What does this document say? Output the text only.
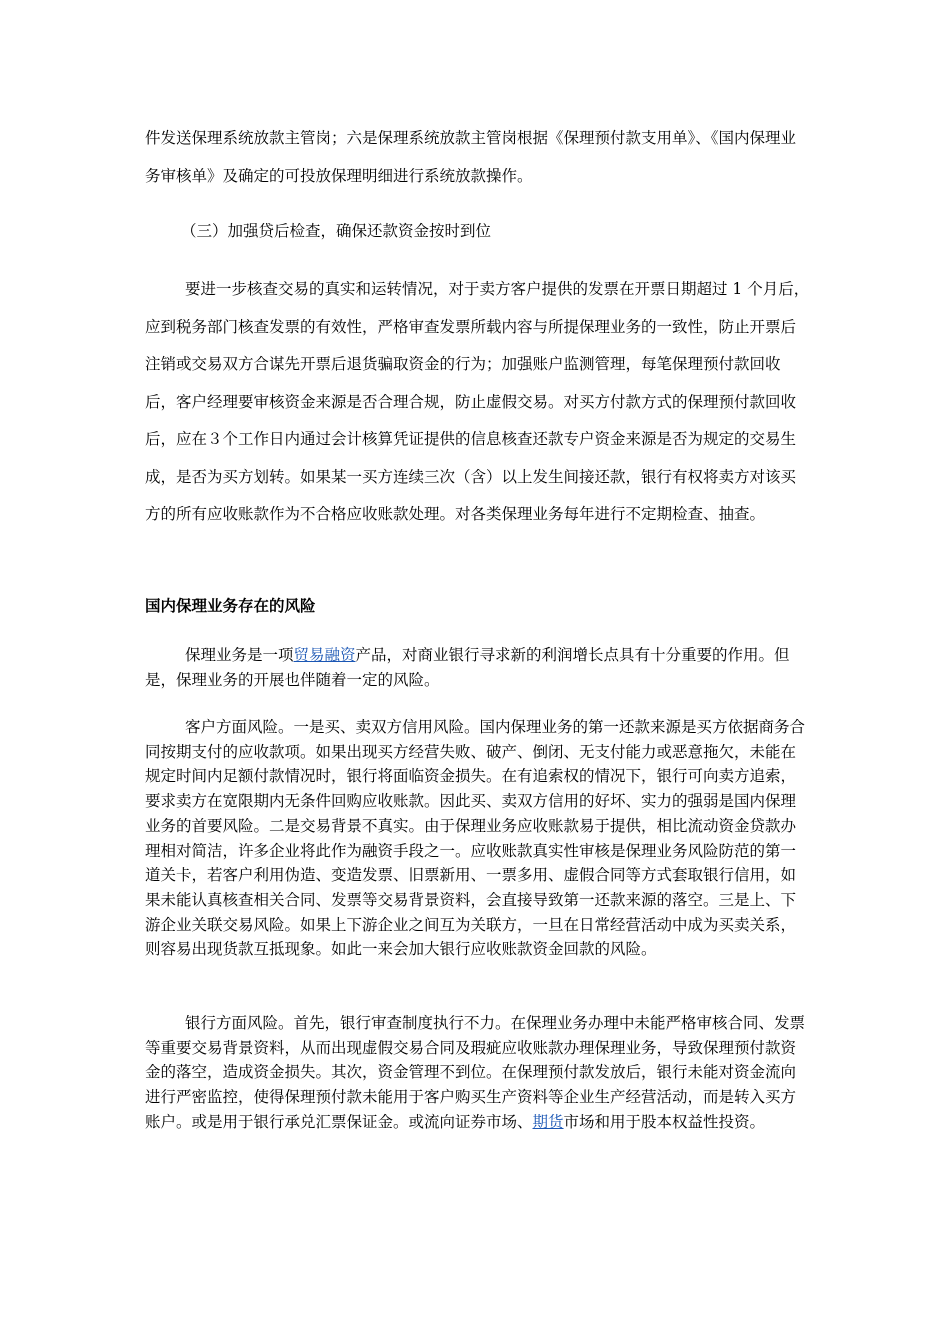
件发送保理系统放款主管岗；六是保理系统放款主管岗根据《保理预付款支用单》、《国内保理业务审核单》及确定的可投放保理明细进行系统放款操作。

（三）加强贷后检查，确保还款资金按时到位

要进一步核查交易的真实和运转情况，对于卖方客户提供的发票在开票日期超过 1 个月后，应到税务部门核查发票的有效性，严格审查发票所载内容与所提保理业务的一致性，防止开票后注销或交易双方合谋先开票后退货骗取资金的行为；加强账户监测管理，每笔保理预付款回收后，客户经理要审核资金来源是否合理合规，防止虚假交易。对买方付款方式的保理预付款回收后，应在３个工作日内通过会计核算凭证提供的信息核查还款专户资金来源是否为规定的交易生成，是否为买方划转。如果某一买方连续三次（含）以上发生间接还款，银行有权将卖方对该买方的所有应收账款作为不合格应收账款处理。对各类保理业务每年进行不定期检查、抽查。

国内保理业务存在的风险

保理业务是一项贸易融资产品，对商业银行寻求新的利润增长点具有十分重要的作用。但是，保理业务的开展也伴随着一定的风险。

客户方面风险。一是买、卖双方信用风险。国内保理业务的第一还款来源是买方依据商务合同按期支付的应收款项。如果出现买方经营失败、破产、倒闭、无支付能力或恶意拖欠，未能在规定时间内足额付款情况时，银行将面临资金损失。在有追索权的情况下，银行可向卖方追索，要求卖方在宽限期内无条件回购应收账款。因此买、卖双方信用的好坏、实力的强弱是国内保理业务的首要风险。二是交易背景不真实。由于保理业务应收账款易于提供，相比流动资金贷款办理相对简洁，许多企业将此作为融资手段之一。应收账款真实性审核是保理业务风险防范的第一道关卡，若客户利用伪造、变造发票、旧票新用、一票多用、虚假合同等方式套取银行信用，如果未能认真核查相关合同、发票等交易背景资料，会直接导致第一还款来源的落空。三是上、下游企业关联交易风险。如果上下游企业之间互为关联方，一旦在日常经营活动中成为买卖关系，则容易出现货款互抵现象。如此一来会加大银行应收账款资金回款的风险。

银行方面风险。首先，银行审查制度执行不力。在保理业务办理中未能严格审核合同、发票等重要交易背景资料，从而出现虚假交易合同及瑕疵应收账款办理保理业务，导致保理预付款资金的落空，造成资金损失。其次，资金管理不到位。在保理预付款发放后，银行未能对资金流向进行严密监控，使得保理预付款未能用于客户购买生产资料等企业生产经营活动，而是转入买方账户。或是用于银行承兑汇票保证金。或流向证券市场、期货市场和用于股本权益性投资。
